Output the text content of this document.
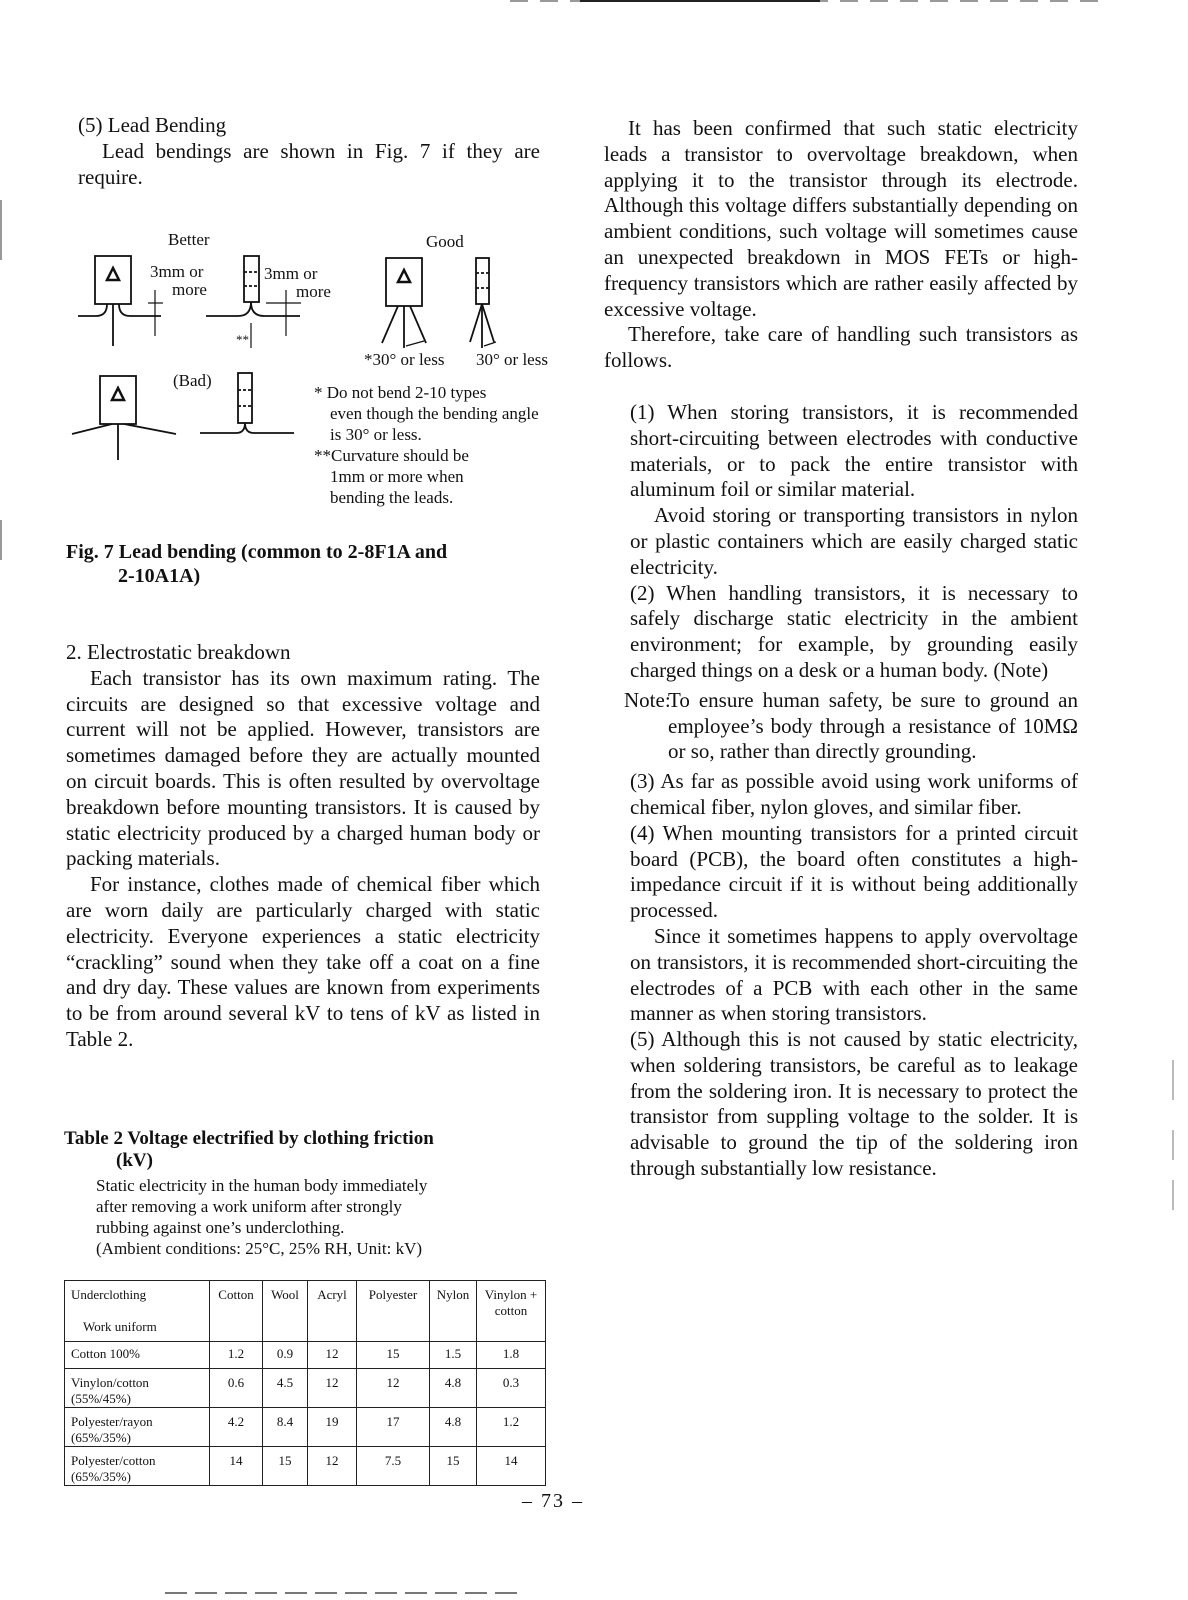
(5) Lead Bending

Lead bendings are shown in Fig. 7 if they are require.

Better	Good
(Bad)
3mm or
more
3mm or
more
**
*30° or less 30° or less
* Do not bend 2-10 types
even though the bending angle
is 30° or less.
**Curvature should be
1mm or more when
bending the leads.
Fig. 7 Lead bending (common to 2-8F1A and
2-10A1A)

2. Electrostatic breakdown

Each transistor has its own maximum rating. The circuits are designed so that excessive voltage and current will not be applied. However, transistors are sometimes damaged before they are actually mounted on circuit boards. This is often resulted by overvoltage breakdown before mounting transistors. It is caused by static electricity produced by a charged human body or packing materials.

For instance, clothes made of chemical fiber which are worn daily are particularly charged with static electricity. Everyone experiences a static electricity “crackling” sound when they take off a coat on a fine and dry day. These values are known from experiments to be from around several kV to tens of kV as listed in Table 2.

Table 2 Voltage electrified by clothing friction
(kV)
Static electricity in the human body immediately
after removing a work uniform after strongly
rubbing against one’s underclothing.
(Ambient conditions: 25°C, 25% RH, Unit: kV)
Underclothing
Work uniform	Cotton	Wool	Acryl	Polyester	Nylon	Vinylon + cotton

Cotton 100%	1.2	0.9	12	15	1.5	1.8

Vinylon/cotton
(55%/45%)	0.6	4.5	12	12	4.8	0.3

Polyester/rayon
(65%/35%)	4.2	8.4	19	17	4.8	1.2

Polyester/cotton
(65%/35%)	14	15	12	7.5	15	14

It has been confirmed that such static electricity leads a transistor to overvoltage breakdown, when applying it to the transistor through its electrode. Although this voltage differs substantially depending on ambient conditions, such voltage will sometimes cause an unexpected breakdown in MOS FETs or high-frequency transistors which are rather easily affected by excessive voltage.

Therefore, take care of handling such transistors as follows.

(1) When storing transistors, it is recommended short-circuiting between electrodes with conductive materials, or to pack the entire transistor with aluminum foil or similar material.

Avoid storing or transporting transistors in nylon or plastic containers which are easily charged static electricity.

(2) When handling transistors, it is necessary to safely discharge static electricity in the ambient environment; for example, by grounding easily charged things on a desk or a human body. (Note)

Note:

To ensure human safety, be sure to ground an employee’s body through a resistance of 10MΩ or so, rather than directly grounding.

(3) As far as possible avoid using work uniforms of chemical fiber, nylon gloves, and similar fiber.

(4) When mounting transistors for a printed circuit board (PCB), the board often constitutes a high-impedance circuit if it is without being additionally processed.

Since it sometimes happens to apply overvoltage on transistors, it is recommended short-circuiting the electrodes of a PCB with each other in the same manner as when storing transistors.

(5) Although this is not caused by static electricity, when soldering transistors, be careful as to leakage from the soldering iron. It is necessary to protect the transistor from suppling voltage to the solder. It is advisable to ground the tip of the soldering iron through substantially low resistance.

– 73 –
